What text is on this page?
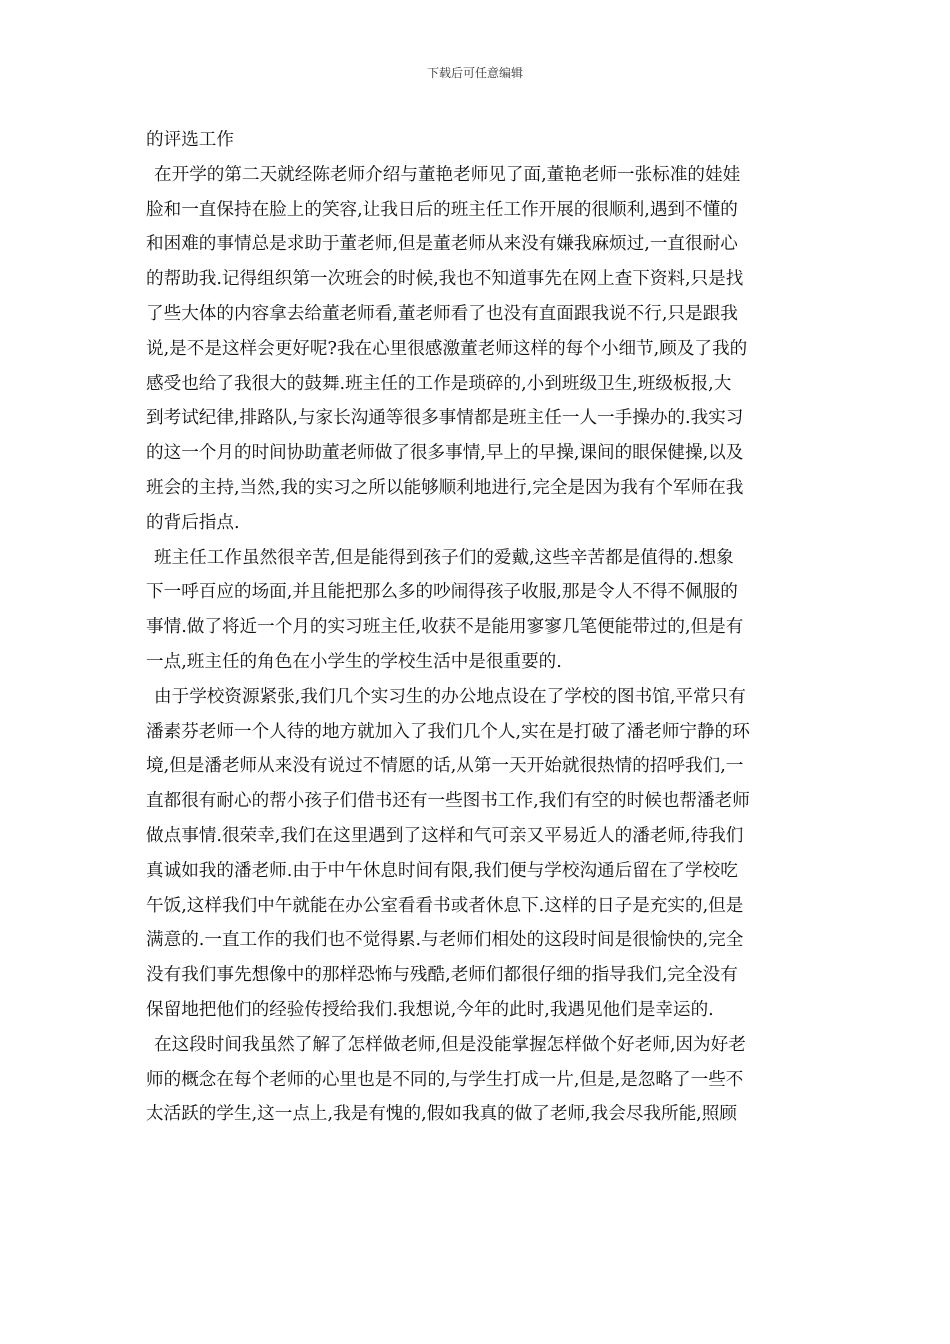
下载后可任意编辑
的评选工作
在开学的第二天就经陈老师介绍与董艳老师见了面,董艳老师一张标准的娃娃
脸和一直保持在脸上的笑容,让我日后的班主任工作开展的很顺利,遇到不懂的
和困难的事情总是求助于董老师,但是董老师从来没有嫌我麻烦过,一直很耐心
的帮助我.记得组织第一次班会的时候,我也不知道事先在网上查下资料,只是找
了些大体的内容拿去给董老师看,董老师看了也没有直面跟我说不行,只是跟我
说,是不是这样会更好呢?我在心里很感激董老师这样的每个小细节,顾及了我的
感受也给了我很大的鼓舞.班主任的工作是琐碎的,小到班级卫生,班级板报,大
到考试纪律,排路队,与家长沟通等很多事情都是班主任一人一手操办的.我实习
的这一个月的时间协助董老师做了很多事情,早上的早操,课间的眼保健操,以及
班会的主持,当然,我的实习之所以能够顺利地进行,完全是因为我有个军师在我
的背后指点.
班主任工作虽然很辛苦,但是能得到孩子们的爱戴,这些辛苦都是值得的.想象
下一呼百应的场面,并且能把那么多的吵闹得孩子收服,那是令人不得不佩服的
事情.做了将近一个月的实习班主任,收获不是能用寥寥几笔便能带过的,但是有
一点,班主任的角色在小学生的学校生活中是很重要的.
由于学校资源紧张,我们几个实习生的办公地点设在了学校的图书馆,平常只有
潘素芬老师一个人待的地方就加入了我们几个人,实在是打破了潘老师宁静的环
境,但是潘老师从来没有说过不情愿的话,从第一天开始就很热情的招呼我们,一
直都很有耐心的帮小孩子们借书还有一些图书工作,我们有空的时候也帮潘老师
做点事情.很荣幸,我们在这里遇到了这样和气可亲又平易近人的潘老师,待我们
真诚如我的潘老师.由于中午休息时间有限,我们便与学校沟通后留在了学校吃
午饭,这样我们中午就能在办公室看看书或者休息下.这样的日子是充实的,但是
满意的.一直工作的我们也不觉得累.与老师们相处的这段时间是很愉快的,完全
没有我们事先想像中的那样恐怖与残酷,老师们都很仔细的指导我们,完全没有
保留地把他们的经验传授给我们.我想说,今年的此时,我遇见他们是幸运的.
在这段时间我虽然了解了怎样做老师,但是没能掌握怎样做个好老师,因为好老
师的概念在每个老师的心里也是不同的,与学生打成一片,但是,是忽略了一些不
太活跃的学生,这一点上,我是有愧的,假如我真的做了老师,我会尽我所能,照顾
